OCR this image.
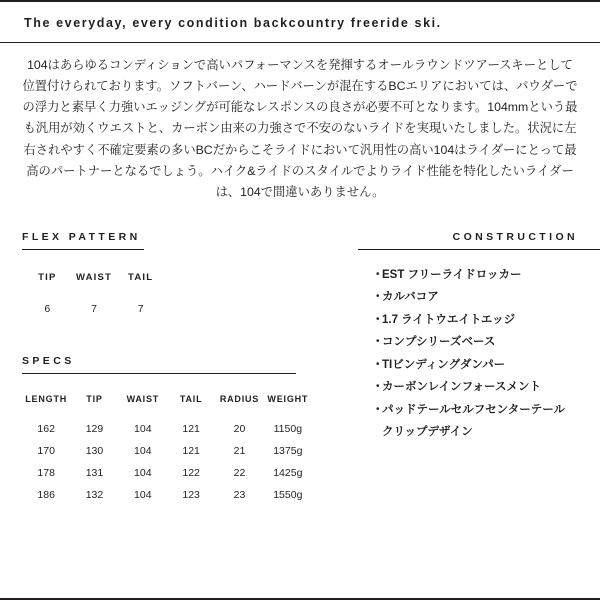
The everyday, every condition backcountry freeride ski.
104はあらゆるコンディションで高いパフォーマンスを発揮するオールラウンドツアースキーとして位置付けられております。ソフトバーン、ハードバーンが混在するBCエリアにおいては、パウダーでの浮力と素早く力強いエッジングが可能なレスポンスの良さが必要不可となります。104mmという最も汎用が効くウエストと、カーボン由来の力強さで不安のないライドを実現いたしました。状況に左右されやすく不確定要素の多いBCだからこそライドにおいて汎用性の高い104はライダーにとって最高のパートナーとなるでしょう。ハイク&ライドのスタイルでよりライド性能を特化したいライダーは、104で間違いありません。
FLEX PATTERN
TIP	WAIST	TAIL
6	7	7
SPECS
LENGTH	TIP	WAIST	TAIL	RADIUS	WEIGHT
162	129	104	121	20	1150g
170	130	104	121	21	1375g
178	131	104	122	22	1425g
186	132	104	123	23	1550g
CONSTRUCTION
・EST フリーライドロッカー
・カルバコア
・1.7 ライトウエイトエッジ
・コンプシリーズベース
・TIビンディングダンパー
・カーボンレインフォースメント
・パッドテールセルフセンターテール
クリップデザイン
